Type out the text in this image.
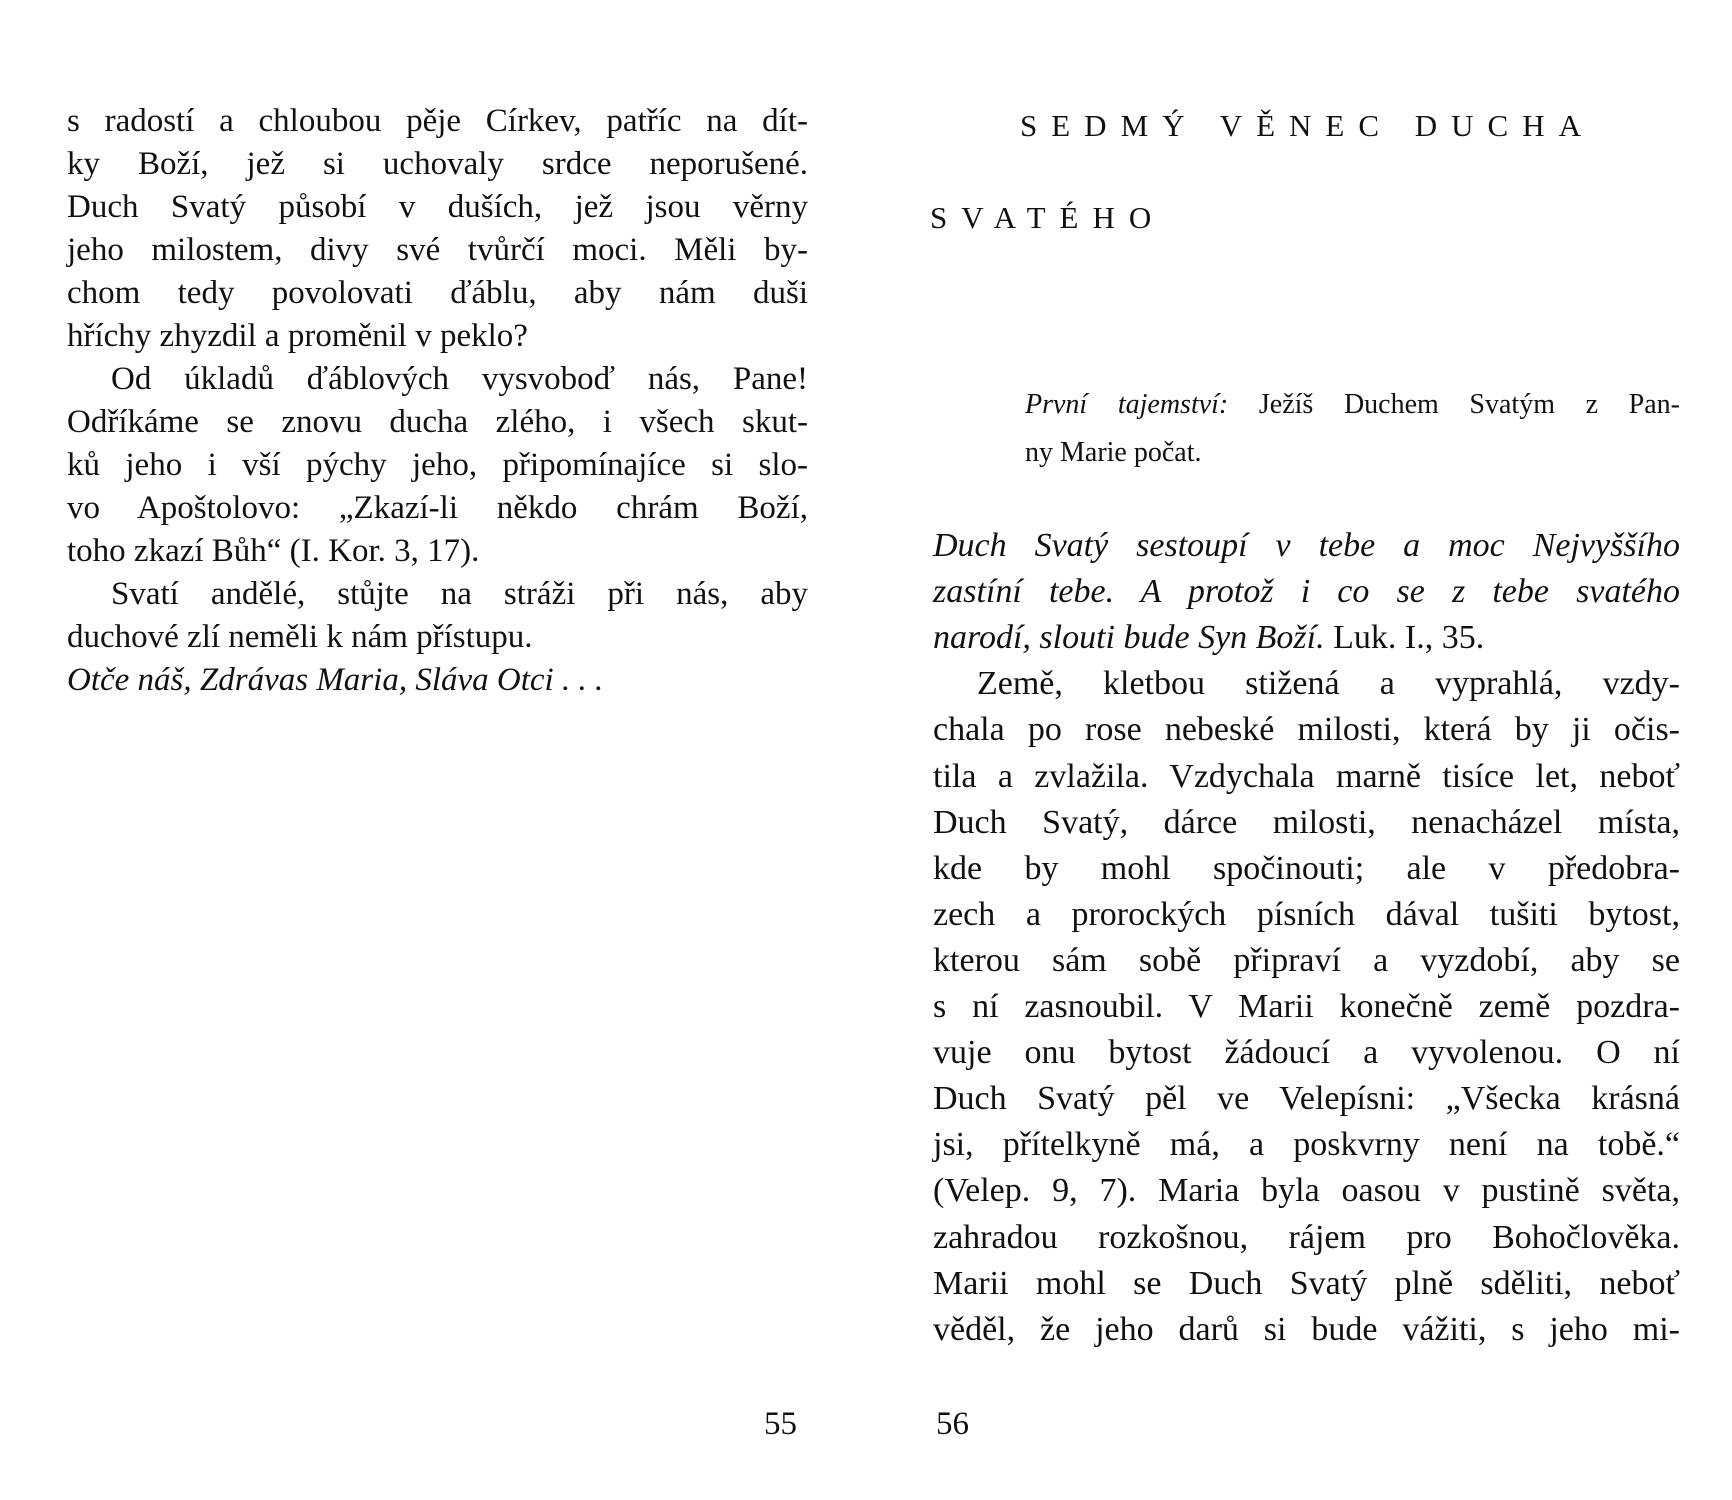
s radostí a chloubou pěje Církev, patříc na dít-
ky Boží, jež si uchovaly srdce neporušené.
Duch Svatý působí v duších, jež jsou věrny
jeho milostem, divy své tvůrčí moci. Měli by-
chom tedy povolovati ďáblu, aby nám duši
hříchy zhyzdil a proměnil v peklo?
Od úkladů ďáblových vysvoboď nás, Pane!
Odříkáme se znovu ducha zlého, i všech skut-
ků jeho i vší pýchy jeho, připomínajíce si slo-
vo Apoštolovo: „Zkazí-li někdo chrám Boží,
toho zkazí Bůh“ (I. Kor. 3, 17).
Svatí andělé, stůjte na stráži při nás, aby
duchové zlí neměli k nám přístupu.
Otče náš, Zdrávas Maria, Sláva Otci . . .
Duch Svatý sestoupí v tebe a moc Nejvyššího
zastíní tebe. A protož i co se z tebe svatého
narodí, slouti bude Syn Boží. Luk. I., 35.
Země, kletbou stižená a vyprahlá, vzdy-
chala po rose nebeské milosti, která by ji očis-
tila a zvlažila. Vzdychala marně tisíce let, neboť
Duch Svatý, dárce milosti, nenacházel místa,
kde by mohl spočinouti; ale v předobra-
zech a prorockých písních dával tušiti bytost,
kterou sám sobě připraví a vyzdobí, aby se
s ní zasnoubil. V Marii konečně země pozdra-
vuje onu bytost žádoucí a vyvolenou. O ní
Duch Svatý pěl ve Velepísni: „Všecka krásná
jsi, přítelkyně má, a poskvrny není na tobě.“
(Velep. 9, 7). Maria byla oasou v pustině světa,
zahradou rozkošnou, rájem pro Bohočlověka.
Marii mohl se Duch Svatý plně sděliti, neboť
věděl, že jeho darů si bude vážiti, s jeho mi-
První tajemství: Ježíš Duchem Svatým z Pan-
ny Marie počat.
SEDMÝ VĚNEC DUCHA
SVATÉHO
55	56
